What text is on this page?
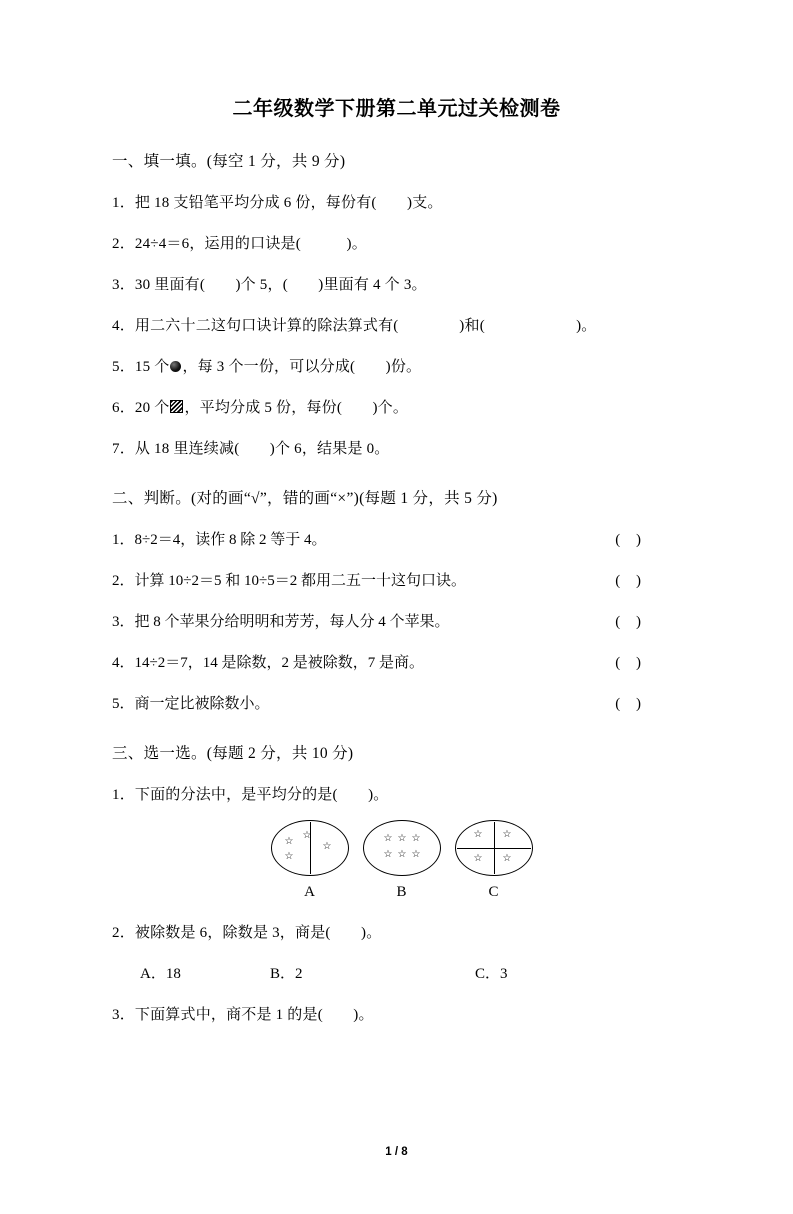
二年级数学下册第二单元过关检测卷
一、填一填。(每空 1 分，共 9 分)
1．把 18 支铅笔平均分成 6 份，每份有(　　)支。
2．24÷4＝6，运用的口诀是(　　　)。
3．30 里面有(　　)个 5，(　　)里面有 4 个 3。
4．用二六十二这句口诀计算的除法算式有(　　　　)和(　　　　　　)。
5．15 个 ，每 3 个一份，可以分成(　　)份。
6．20 个 ，平均分成 5 份，每份(　　)个。
7．从 18 里连续减(　　)个 6，结果是 0。
二、判断。(对的画“√”，错的画“×”)(每题 1 分，共 5 分)
1．8÷2＝4，读作 8 除 2 等于 4。	( )
2．计算 10÷2＝5 和 10÷5＝2 都用二五一十这句口诀。	( )
3．把 8 个苹果分给明明和芳芳，每人分 4 个苹果。	( )
4．14÷2＝7，14 是除数，2 是被除数，7 是商。	( )
5．商一定比被除数小。	( )
三、选一选。(每题 2 分，共 10 分)
1．下面的分法中，是平均分的是(　　)。
☆
☆
☆
☆
☆ ☆ ☆
☆ ☆ ☆
☆ ☆
☆ ☆
A	B	C
2．被除数是 6，除数是 3，商是(　　)。
A．18	B．2	C．3
3．下面算式中，商不是 1 的是(　　)。
1 / 8
